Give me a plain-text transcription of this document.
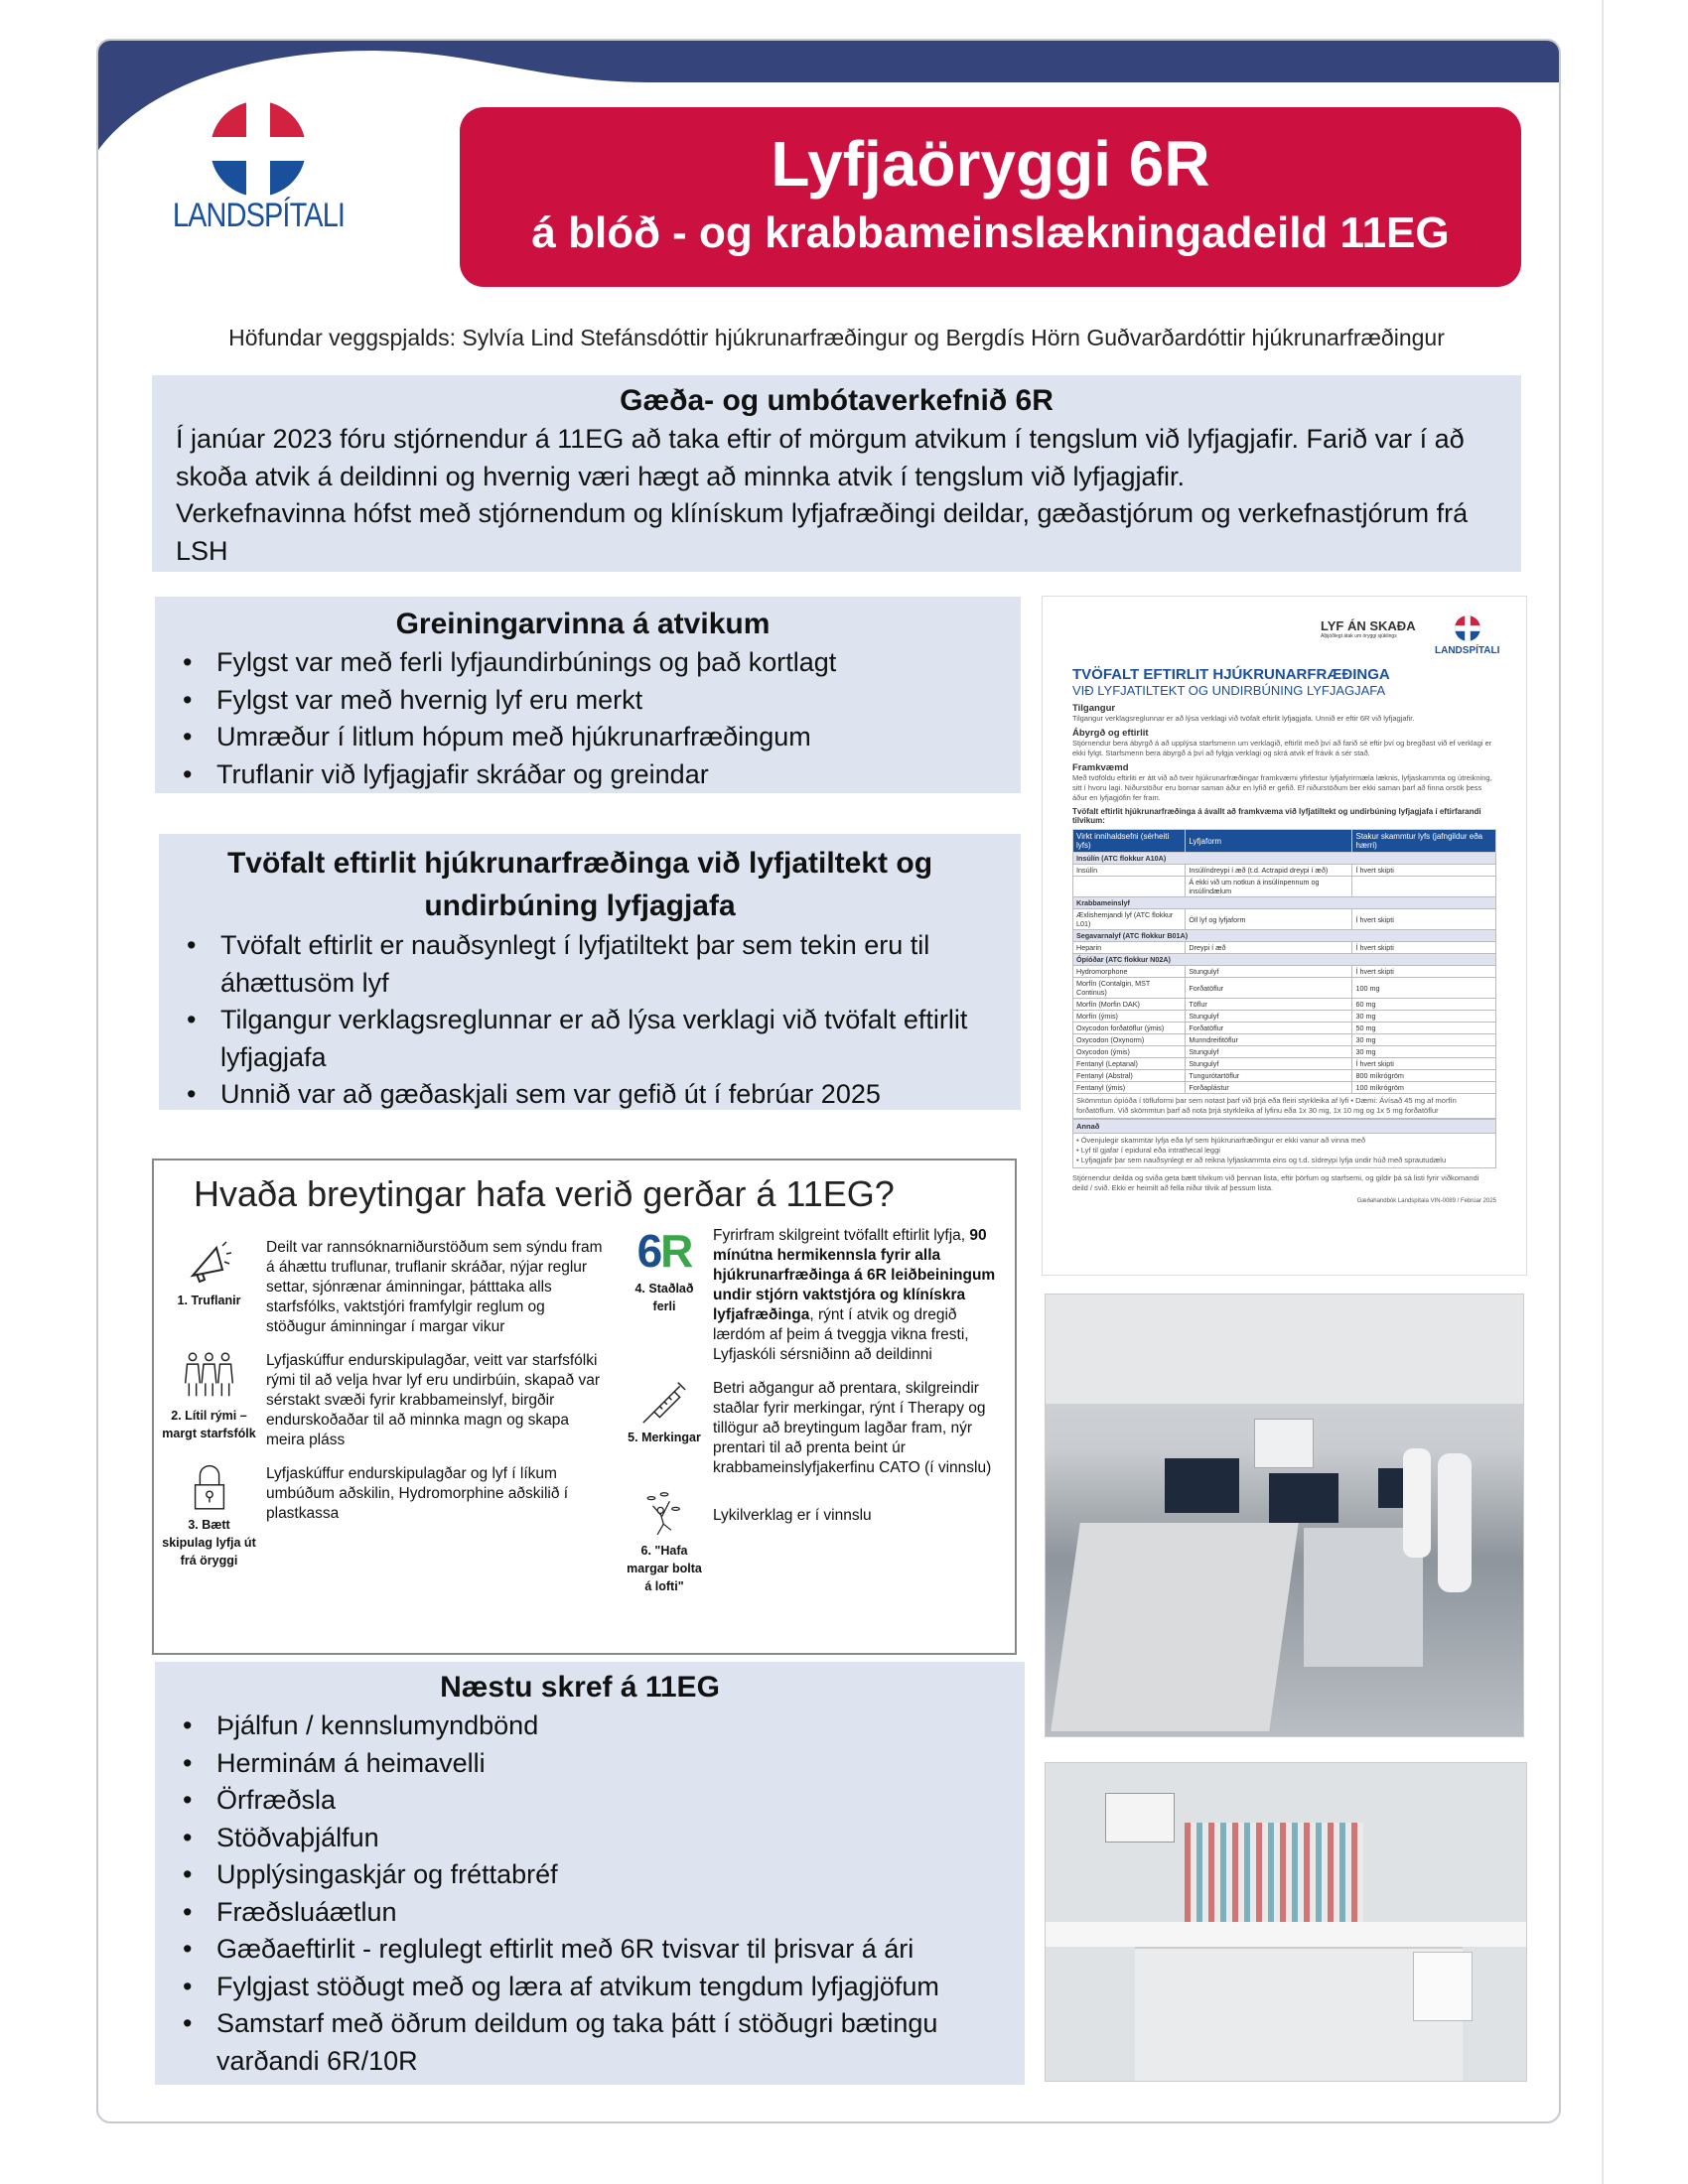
LANDSPÍTALI
Lyfjaöryggi 6R
á blóð - og krabbameinslækningadeild 11EG
Höfundar veggspjalds: Sylvía Lind Stefánsdóttir hjúkrunarfræðingur og Bergdís Hörn Guðvarðardóttir hjúkrunarfræðingur
Gæða- og umbótaverkefnið 6R

Í janúar 2023 fóru stjórnendur á 11EG að taka eftir of mörgum atvikum í tengslum við lyfjagjafir. Farið var í að skoða atvik á deildinni og hvernig væri hægt að minnka atvik í tengslum við lyfjagjafir.

Verkefnavinna hófst með stjórnendum og klínískum lyfjafræðingi deildar, gæðastjórum og verkefnastjórum frá LSH

Greiningarvinna á atvikum
• Fylgst var með ferli lyfjaundirbúnings og það kortlagt
• Fylgst var með hvernig lyf eru merkt
• Umræður í litlum hópum með hjúkrunarfræðingum
• Truflanir við lyfjagjafir skráðar og greindar
Tvöfalt eftirlit hjúkrunarfræðinga við lyfjatiltekt og undirbúning lyfjagjafa
• Tvöfalt eftirlit er nauðsynlegt í lyfjatiltekt þar sem tekin eru til áhættusöm lyf
• Tilgangur verklagsreglunnar er að lýsa verklagi við tvöfalt eftirlit lyfjagjafa
• Unnið var að gæðaskjali sem var gefið út í febrúar 2025
Hvaða breytingar hafa verið gerðar á 11EG?
1. Truflanir
Deilt var rannsóknarniðurstöðum sem sýndu fram á áhættu truflunar, truflanir skráðar, nýjar reglur settar, sjónrænar áminningar, þátttaka alls starfsfólks, vaktstjóri framfylgir reglum og stöðugur áminningar í margar vikur
2. Lítil rými – margt starfsfólk
Lyfjaskúffur endurskipulagðar, veitt var starfsfólki rými til að velja hvar lyf eru undirbúin, skapað var sérstakt svæði fyrir krabbameinslyf, birgðir endurskoðaðar til að minnka magn og skapa meira pláss
3. Bætt skipulag lyfja út frá öryggi
Lyfjaskúffur endurskipulagðar og lyf í líkum umbúðum aðskilin, Hydromorphine aðskilið í plastkassa
6R
4. Staðlað ferli
Fyrirfram skilgreint tvöfallt eftirlit lyfja, 90 mínútna hermikennsla fyrir alla hjúkrunarfræðinga á 6R leiðbeiningum undir stjórn vaktstjóra og klínískra lyfjafræðinga, rýnt í atvik og dregið lærdóm af þeim á tveggja vikna fresti, Lyfjaskóli sérsniðinn að deildinni
5. Merkingar
Betri aðgangur að prentara, skilgreindir staðlar fyrir merkingar, rýnt í Therapy og tillögur að breytingum lagðar fram, nýr prentari til að prenta beint úr krabbameinslyfjakerfinu CATO (í vinnslu)
6. "Hafa margar bolta á lofti"
Lykilverklag er í vinnslu
Næstu skref á 11EG
• Þjálfun / kennslumyndbönd
• Hermináм á heimavelli
• Örfræðsla
• Stöðvaþjálfun
• Upplýsingaskjár og fréttabréf
• Fræðsluáætlun
• Gæðaeftirlit - reglulegt eftirlit með 6R tvisvar til þrisvar á ári
• Fylgjast stöðugt með og læra af atvikum tengdum lyfjagjöfum
• Samstarf með öðrum deildum og taka þátt í stöðugri bætingu varðandi 6R/10R
LYF ÁN SKAÐA
Alþjóðlegt átak um öryggi sjúklings
LANDSPÍTALI
TVÖFALT EFTIRLIT HJÚKRUNARFRÆÐINGA
VIÐ LYFJATILTEKT OG UNDIRBÚNING LYFJAGJAFA
Tilgangur
Tilgangur verklagsreglunnar er að lýsa verklagi við tvöfalt eftirlit lyfjagjafa. Unnið er eftir 6R við lyfjagjafir.
Ábyrgð og eftirlit
Stjórnendur bera ábyrgð á að upplýsa starfsmenn um verklagið, eftirlit með því að farið sé eftir því og bregðast við ef verklagi er ekki fylgt. Starfsmenn bera ábyrgð á því að fylgja verklagi og skrá atvik ef frávik á sér stað.
Framkvæmd
Með tvöföldu eftirliti er átt við að tveir hjúkrunarfræðingar framkvæmi yfirlestur lyfjafyrirmæla læknis, lyfjaskammta og útreikning, sitt í hvoru lagi. Niðurstöður eru bornar saman áður en lyfið er gefið. Ef niðurstöðum ber ekki saman þarf að finna orsök þess áður en lyfjagjöfin fer fram.
Tvöfalt eftirlit hjúkrunarfræðinga á ávallt að framkvæma við lyfjatiltekt og undirbúning lyfjagjafa í eftirfarandi tilvikum:
Virkt innihaldsefni (sérheiti lyfs)	Lyfjaform	Stakur skammtur lyfs (jafngildur eða hærri)
Insúlín (ATC flokkur A10A)		
Insúlín	Insúlíndreypi í æð (t.d. Actrapid dreypi í æð)	Í hvert skipti
	Á ekki við um notkun á insúlínpennum og insúlíndælum	
Krabbameinslyf		
Æxlishemjandi lyf (ATC flokkur L01)	Öll lyf og lyfjaform	Í hvert skipti
Segavarnalyf (ATC flokkur B01A)		
Heparin	Dreypi í æð	Í hvert skipti
Ópíóðar (ATC flokkur N02A)		
Hydromorphone	Stungulyf	Í hvert skipti
Morfín (Contalgin, MST Continus)	Forðatöflur	100 mg
Morfín (Morfin DAK)	Töflur	60 mg
Morfín (ýmis)	Stungulyf	30 mg
Oxycodon forðatöflur (ýmis)	Forðatöflur	50 mg
Oxycodon (Oxynorm)	Munndreifitöflur	30 mg
Oxycodon (ýmis)	Stungulyf	30 mg
Fentanyl (Leptanal)	Stungulyf	Í hvert skipti
Fentanyl (Abstral)	Tungurótartöflur	800 míkrógröm
Fentanyl (ýmis)	Forðaplástur	100 míkrógröm
Skömmtun ópíóða í töfluformi þar sem notast þarf við þrjá eða fleiri styrkleika af lyfi • Dæmi: Ávísað 45 mg af morfín forðatöflum. Við skömmtun þarf að nota þrjá styrkleika af lyfinu eða 1x 30 mg, 1x 10 mg og 1x 5 mg forðatöflur
Annað
• Óvenjulegir skammtar lyfja eða lyf sem hjúkrunarfræðingur er ekki vanur að vinna með
• Lyf til gjafar í epidural eða intrathecal leggi
• Lyfjagjafir þar sem nauðsynlegt er að reikna lyfjaskammta eins og t.d. sídreypi lyfja undir húð með sprautudælu
Stjórnendur deilda og sviða geta bætt tilvikum við þennan lista, eftir þörfum og starfsemi, og gildir þá sá listi fyrir viðkomandi deild / svið. Ekki er heimilt að fella niður tilvik af þessum lista.
Gæðahandbók Landspítala VIN-0089 / Febrúar 2025
